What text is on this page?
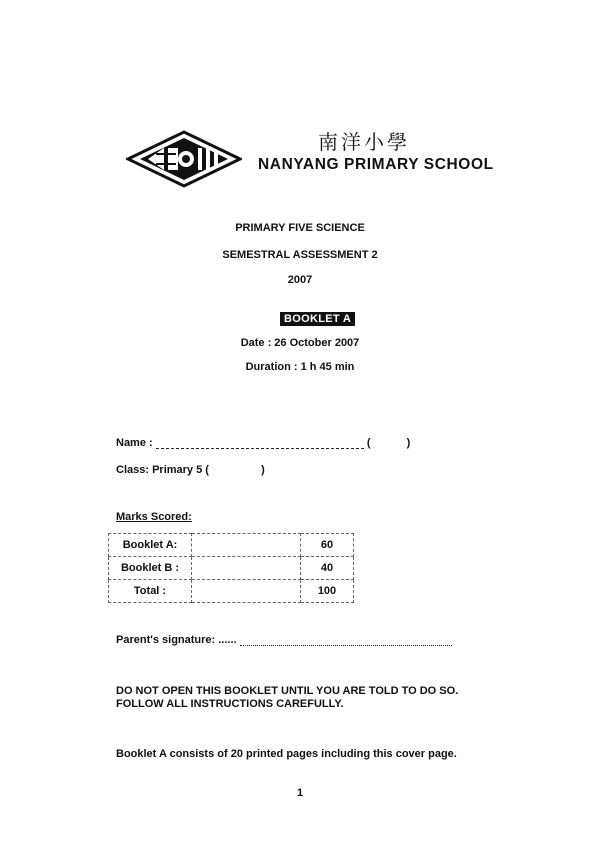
南洋小學
NANYANG PRIMARY SCHOOL
PRIMARY FIVE SCIENCE
SEMESTRAL ASSESSMENT 2
2007
BOOKLET A
Date : 26 October 2007
Duration : 1 h 45 min
Name :	(	)
Class: Primary 5 (	)
Marks Scored:
Booklet A:		60
Booklet B :		40
Total :		100
Parent's signature: ......
DO NOT OPEN THIS BOOKLET UNTIL YOU ARE TOLD TO DO SO.
FOLLOW ALL INSTRUCTIONS CAREFULLY.
Booklet A consists of 20 printed pages including this cover page.
1
